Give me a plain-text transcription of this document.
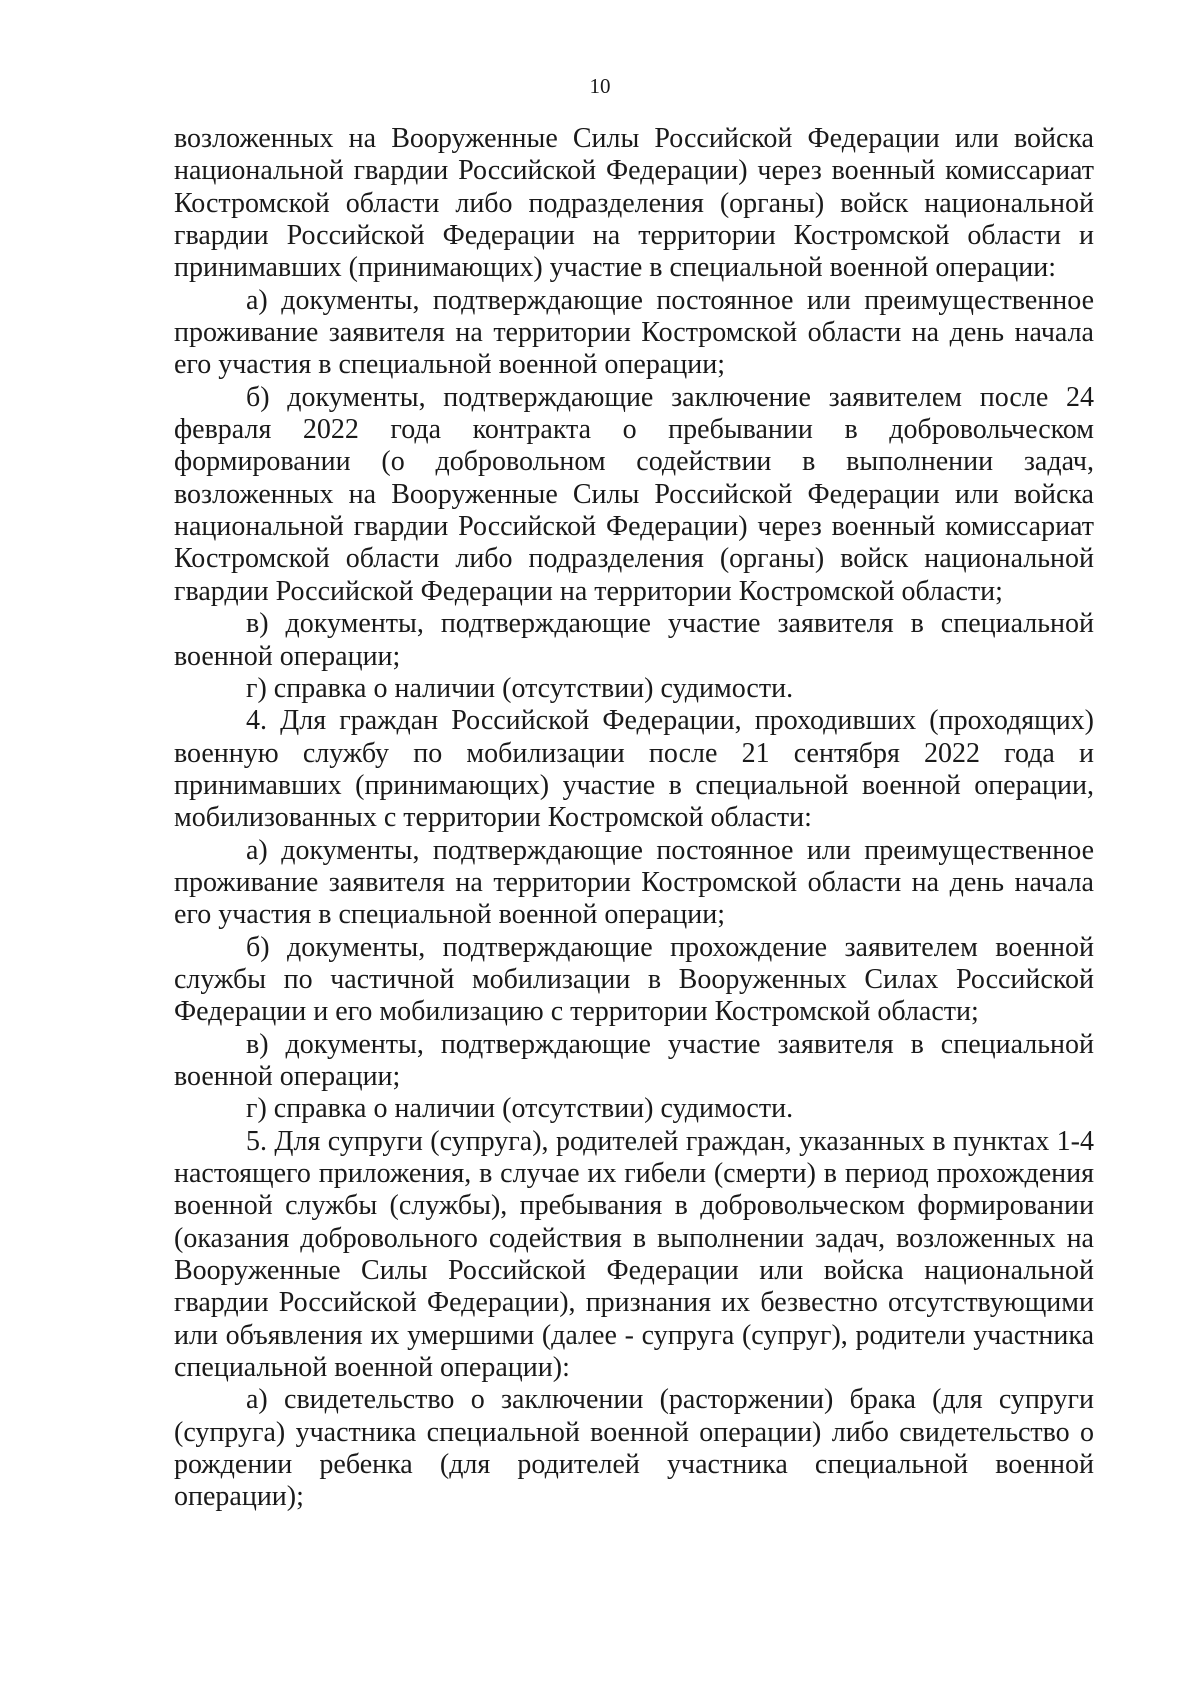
10

возложенных на Вооруженные Силы Российской Федерации или войска национальной гвардии Российской Федерации) через военный комиссариат Костромской области либо подразделения (органы) войск национальной гвардии Российской Федерации на территории Костромской области и принимавших (принимающих) участие в специальной военной операции:

а) документы, подтверждающие постоянное или преимущественное проживание заявителя на территории Костромской области на день начала его участия в специальной военной операции;

б) документы, подтверждающие заключение заявителем после 24 февраля 2022 года контракта о пребывании в добровольческом формировании (о добровольном содействии в выполнении задач, возложенных на Вооруженные Силы Российской Федерации или войска национальной гвардии Российской Федерации) через военный комиссариат Костромской области либо подразделения (органы) войск национальной гвардии Российской Федерации на территории Костромской области;

в) документы, подтверждающие участие заявителя в специальной военной операции;

г) справка о наличии (отсутствии) судимости.

4. Для граждан Российской Федерации, проходивших (проходящих) военную службу по мобилизации после 21 сентября 2022 года и принимавших (принимающих) участие в специальной военной операции, мобилизованных с территории Костромской области:

а) документы, подтверждающие постоянное или преимущественное проживание заявителя на территории Костромской области на день начала его участия в специальной военной операции;

б) документы, подтверждающие прохождение заявителем военной службы по частичной мобилизации в Вооруженных Силах Российской Федерации и его мобилизацию с территории Костромской области;

в) документы, подтверждающие участие заявителя в специальной военной операции;

г) справка о наличии (отсутствии) судимости.

5. Для супруги (супруга), родителей граждан, указанных в пунктах 1-4 настоящего приложения, в случае их гибели (смерти) в период прохождения военной службы (службы), пребывания в добровольческом формировании (оказания добровольного содействия в выполнении задач, возложенных на Вооруженные Силы Российской Федерации или войска национальной гвардии Российской Федерации), признания их безвестно отсутствующими или объявления их умершими (далее - супруга (супруг), родители участника специальной военной операции):

а) свидетельство о заключении (расторжении) брака (для супруги (супруга) участника специальной военной операции) либо свидетельство о рождении ребенка (для родителей участника специальной военной операции);
